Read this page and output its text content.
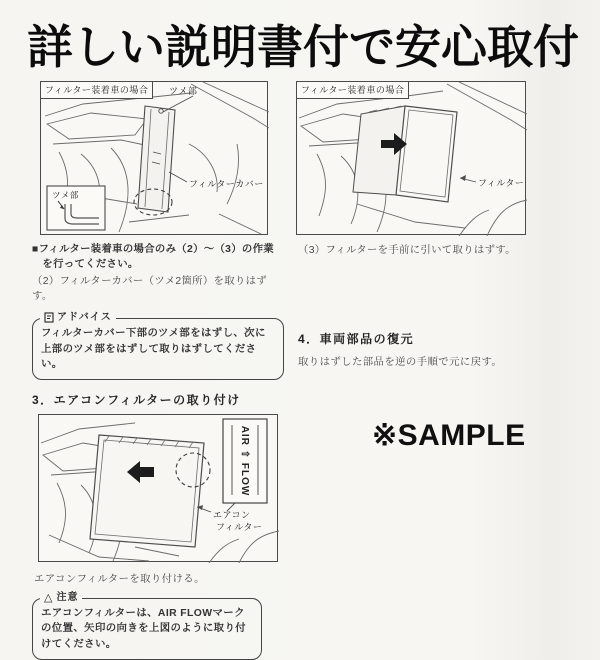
詳しい説明書付で安心取付
ツメ部
フィルターカバー
ツメ部
フィルター装着車の場合

■フィルター装着車の場合のみ（2）～（3）の作業を行ってください。

（2）フィルターカバー（ツメ2箇所）を取りはずす。

アドバイス
フィルターカバー下部のツメ部をはずし、次に上部のツメ部をはずして取りはずしてください。
3．エアコンフィルターの取り付け
AIR ⇧ FLOW
エアコン
フィルター

エアコンフィルターを取り付ける。

△ 注意
エアコンフィルターは、AIR FLOWマークの位置、矢印の向きを上図のように取り付けてください。
フィルター
フィルター装着車の場合

（3）フィルターを手前に引いて取りはずす。

4．車両部品の復元

取りはずした部品を逆の手順で元に戻す。

※SAMPLE
